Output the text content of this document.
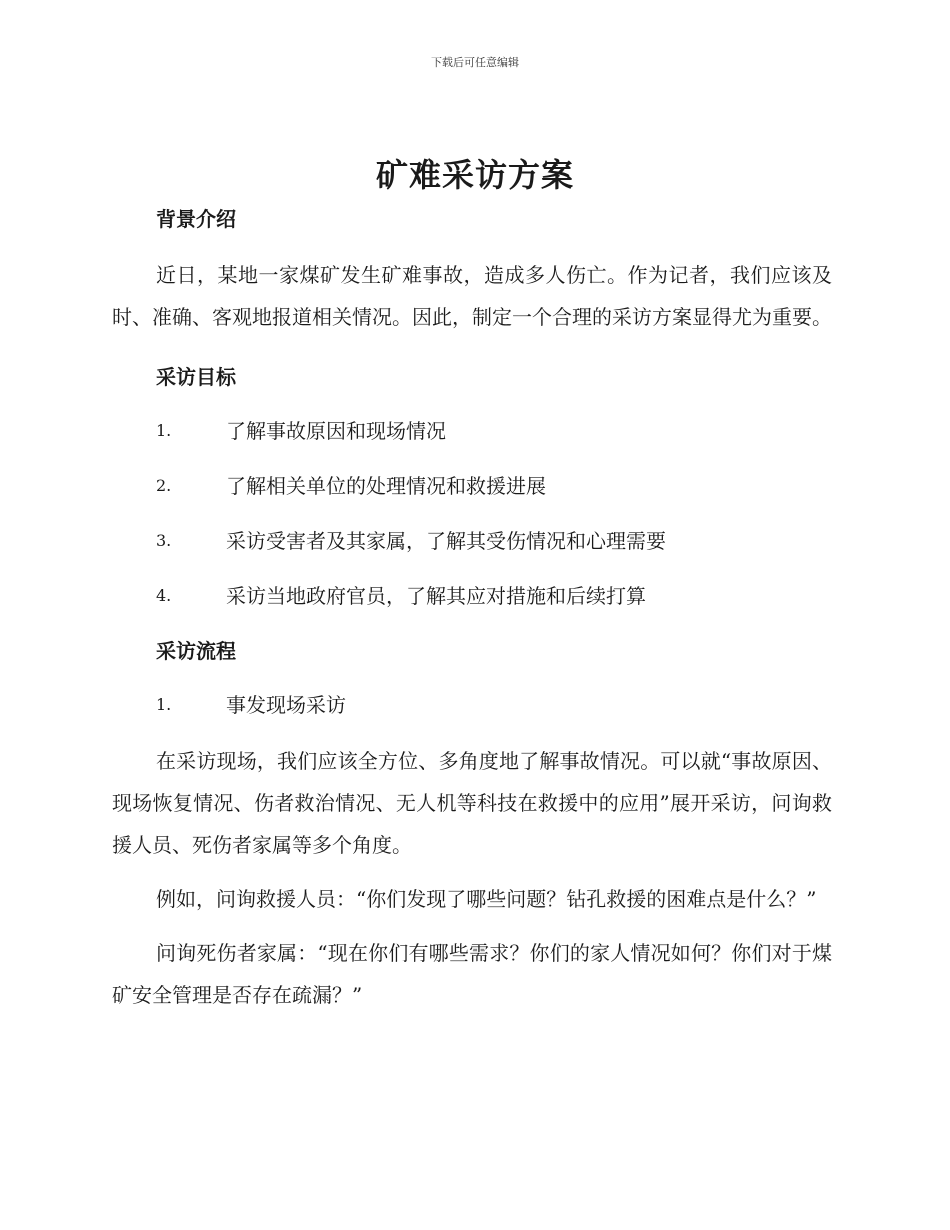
下载后可任意编辑
矿难采访方案
背景介绍

近日，某地一家煤矿发生矿难事故，造成多人伤亡。作为记者，我们应该及时、准确、客观地报道相关情况。因此，制定一个合理的采访方案显得尤为重要。

采访目标
1.	了解事故原因和现场情况
2.	了解相关单位的处理情况和救援进展
3.	采访受害者及其家属，了解其受伤情况和心理需要
4.	采访当地政府官员，了解其应对措施和后续打算
采访流程
1.	事发现场采访

在采访现场，我们应该全方位、多角度地了解事故情况。可以就“事故原因、现场恢复情况、伤者救治情况、无人机等科技在救援中的应用”展开采访，问询救援人员、死伤者家属等多个角度。

例如，问询救援人员：“你们发现了哪些问题？钻孔救援的困难点是什么？”

问询死伤者家属：“现在你们有哪些需求？你们的家人情况如何？你们对于煤矿安全管理是否存在疏漏？”
